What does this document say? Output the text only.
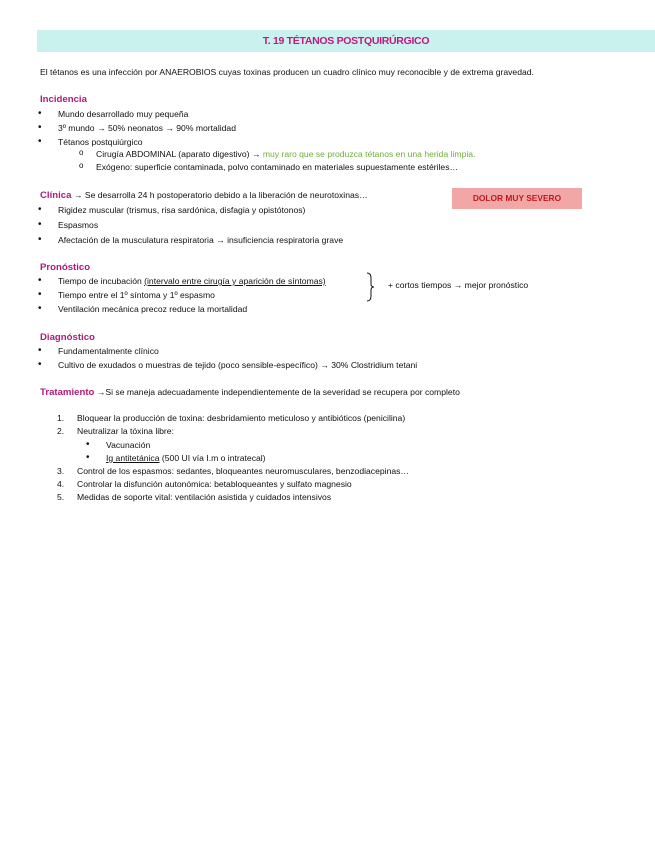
T. 19 TÉTANOS POSTQUIRÚRGICO
El tétanos es una infección por ANAEROBIOS cuyas toxinas producen un cuadro clínico muy reconocible y de extrema gravedad.
Incidencia
Mundo desarrollado muy pequeña
3º mundo → 50% neonatos → 90% mortalidad
Tétanos postquiúrgico
Cirugía ABDOMINAL (aparato digestivo) → muy raro que se produzca tétanos en una herida limpia.
Exógeno: superficie contaminada, polvo contaminado en materiales supuestamente estériles…
Clínica → Se desarrolla 24 h postoperatorio debido a la liberación de neurotoxinas…	DOLOR MUY SEVERO
Rigidez muscular (trismus, risa sardónica, disfagia y opistótonos)
Espasmos
Afectación de la musculatura respiratoria → insuficiencia respiratoria grave
Pronóstico
Tiempo de incubación (intervalo entre cirugía y aparición de síntomas)
Tiempo entre el 1º síntoma y 1º espasmo
Ventilación mecánica precoz reduce la mortalidad
+ cortos tiempos → mejor pronóstico
Diagnóstico
Fundamentalmente clínico
Cultivo de exudados o muestras de tejido (poco sensible-específico) → 30% Clostridium tetani
Tratamiento →Si se maneja adecuadamente independientemente de la severidad se recupera por completo
1. Bloquear la producción de toxina: desbridamiento meticuloso y antibióticos (penicilina)
2. Neutralizar la tóxina libre:
Vacunación
Ig antitetánica (500 UI vía I.m o intratecal)
3. Control de los espasmos: sedantes, bloqueantes neuromusculares, benzodiacepinas…
4. Controlar la disfunción autonómica: betabloqueantes y sulfato magnesio
5. Medidas de soporte vital: ventilación asistida y cuidados intensivos
